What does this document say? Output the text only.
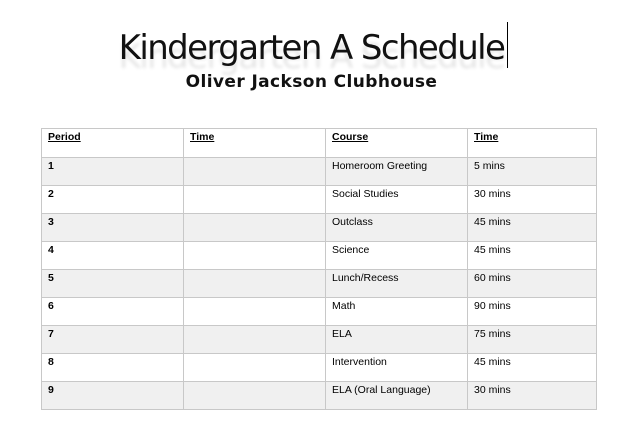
Kindergarten A Schedule
Oliver Jackson Clubhouse
Period	Time	Course	Time
1		Homeroom Greeting	5 mins
2		Social Studies	30 mins
3		Outclass	45 mins
4		Science	45 mins
5		Lunch/Recess	60 mins
6		Math	90 mins
7		ELA	75 mins
8		Intervention	45 mins
9		ELA (Oral Language)	30 mins
